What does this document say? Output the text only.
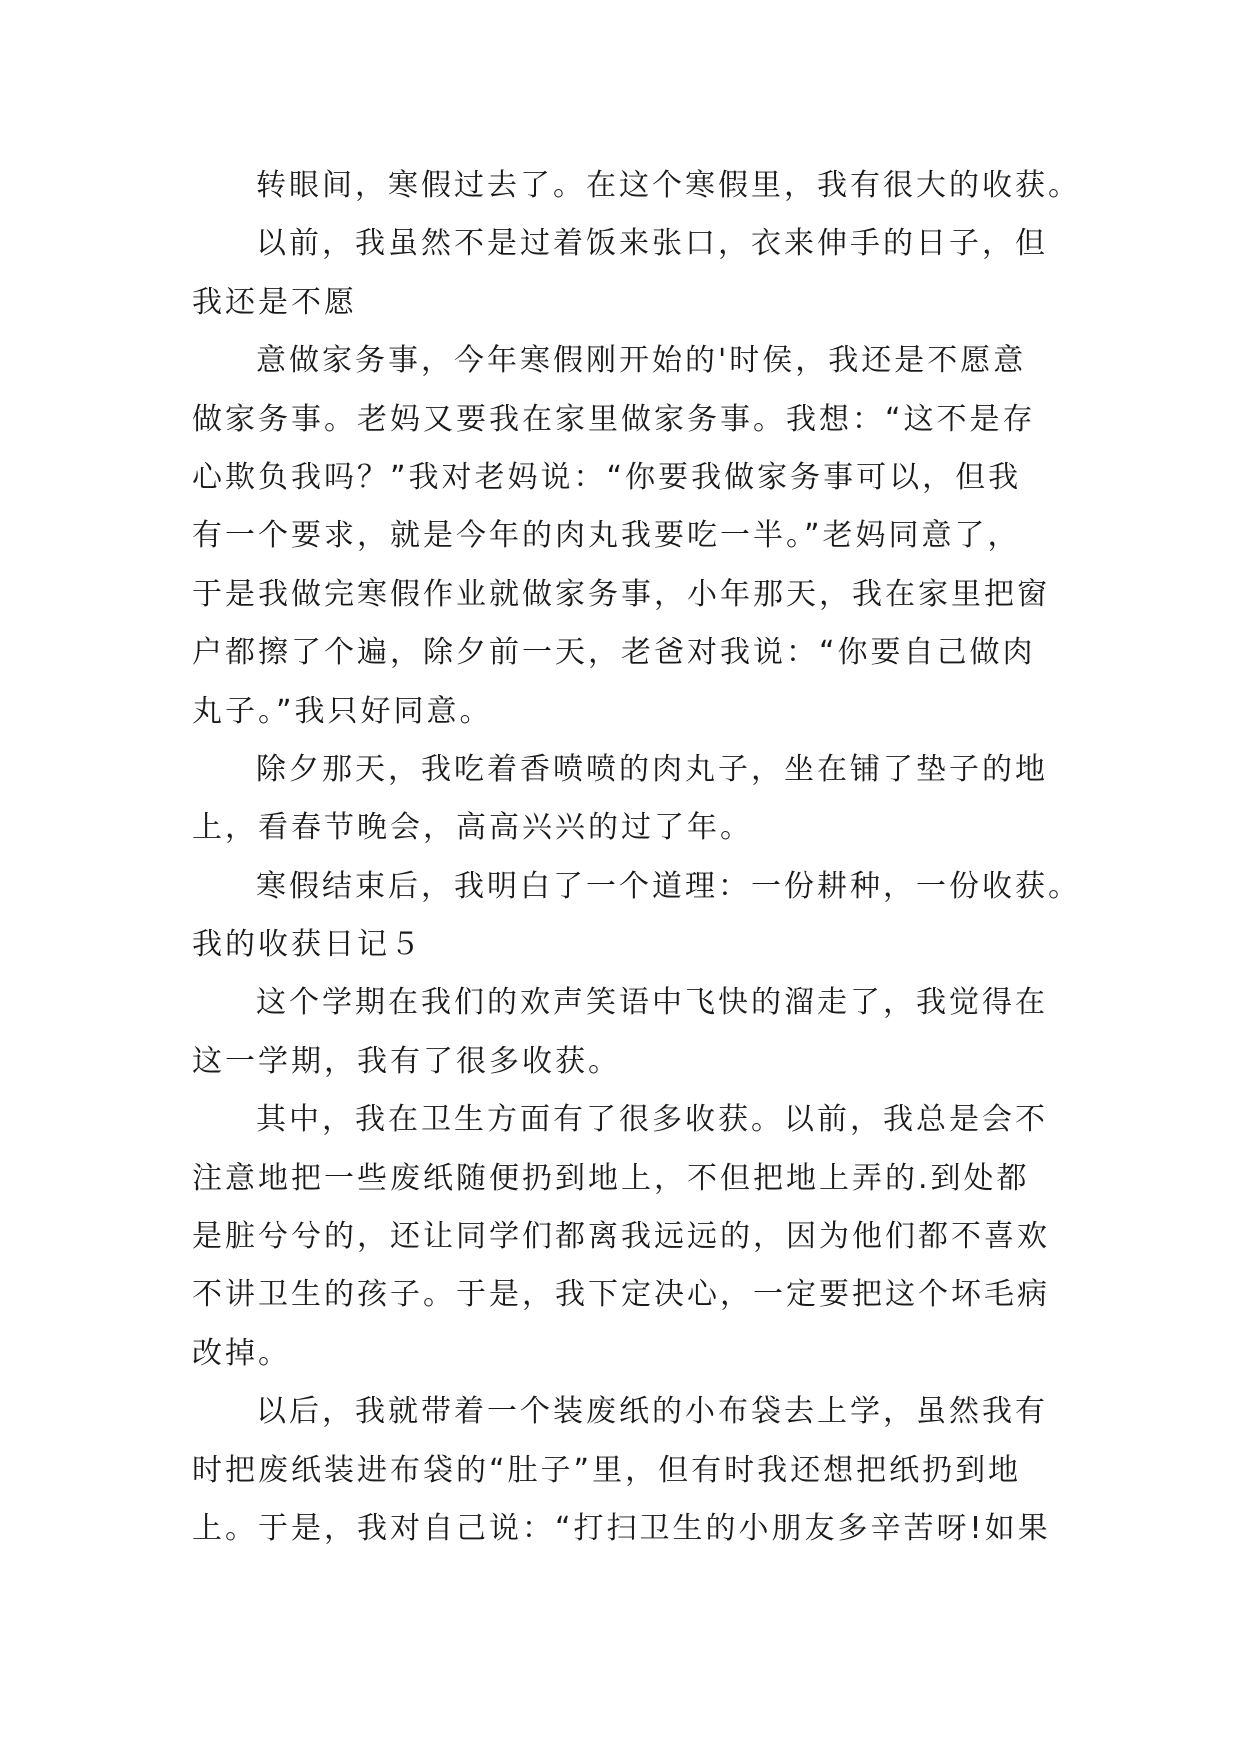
转眼间，寒假过去了。在这个寒假里，我有很大的收获。
以前，我虽然不是过着饭来张口，衣来伸手的日子，但
我还是不愿
意做家务事，今年寒假刚开始的'时侯，我还是不愿意
做家务事。老妈又要我在家里做家务事。我想：“这不是存
心欺负我吗？”我对老妈说：“你要我做家务事可以，但我
有一个要求，就是今年的肉丸我要吃一半。”老妈同意了，
于是我做完寒假作业就做家务事，小年那天，我在家里把窗
户都擦了个遍，除夕前一天，老爸对我说：“你要自己做肉
丸子。”我只好同意。
除夕那天，我吃着香喷喷的肉丸子，坐在铺了垫子的地
上，看春节晚会，高高兴兴的过了年。
寒假结束后，我明白了一个道理：一份耕种，一份收获。
我的收获日记５
这个学期在我们的欢声笑语中飞快的溜走了，我觉得在
这一学期，我有了很多收获。
其中，我在卫生方面有了很多收获。以前，我总是会不
注意地把一些废纸随便扔到地上，不但把地上弄的.到处都
是脏兮兮的，还让同学们都离我远远的，因为他们都不喜欢
不讲卫生的孩子。于是，我下定决心，一定要把这个坏毛病
改掉。
以后，我就带着一个装废纸的小布袋去上学，虽然我有
时把废纸装进布袋的“肚子”里，但有时我还想把纸扔到地
上。于是，我对自己说：“打扫卫生的小朋友多辛苦呀!如果
